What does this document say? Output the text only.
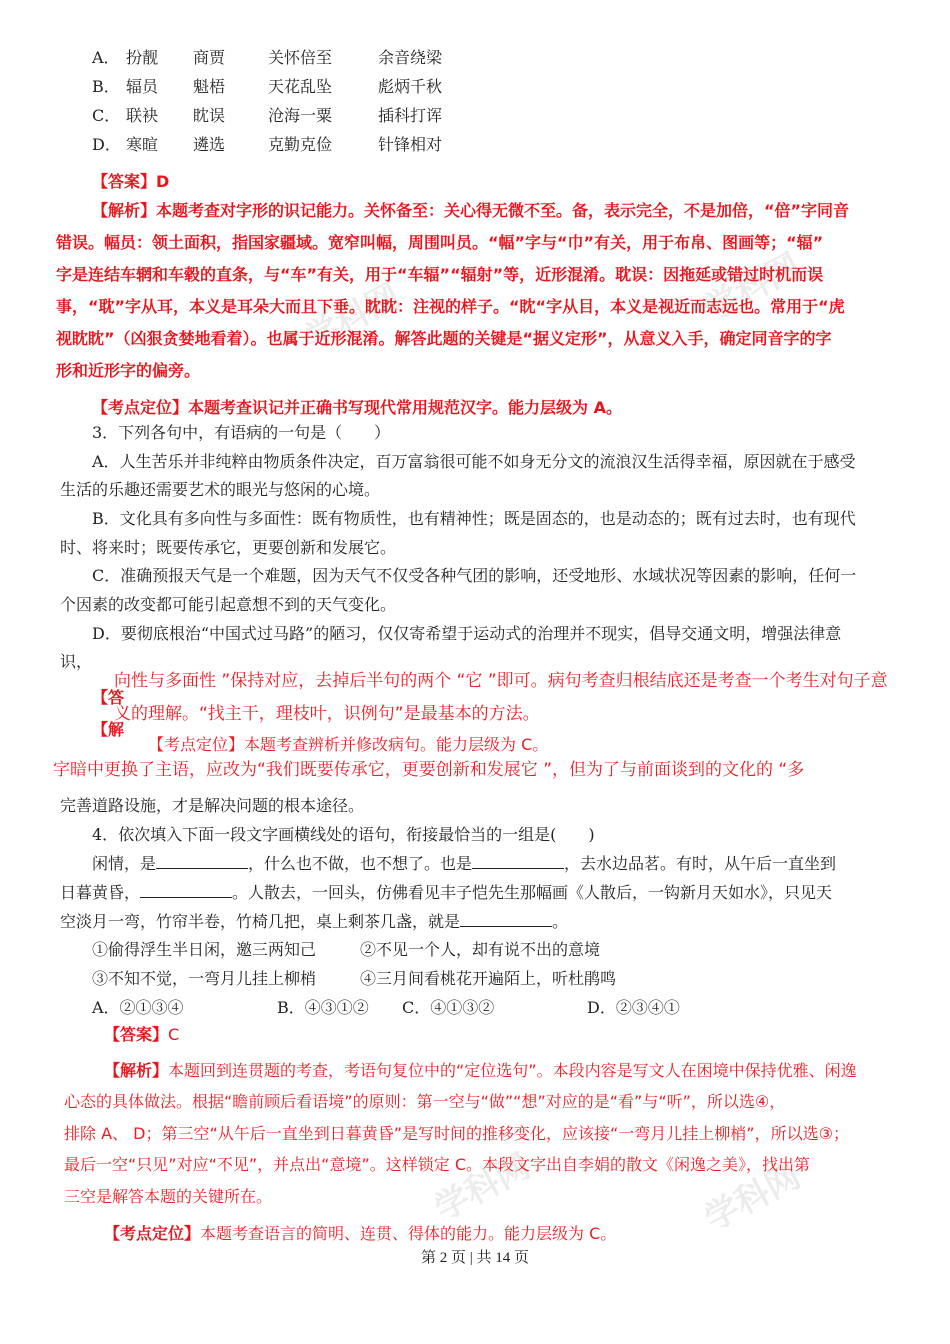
学科网	学科网
学科网	学科网
A． 扮靓 商贾	关怀倍至	余音绕梁
B． 辐员 魁梧	天花乱坠	彪炳千秋
C． 联袂 眈误	沧海一粟	插科打诨
D． 寒暄 遴选	克勤克俭	针锋相对
【答案】D
【解析】本题考查对字形的识记能力。关怀备至：关心得无微不至。备，表示完全，不是加倍，“倍”字同音
错误。幅员：领土面积，指国家疆域。宽窄叫幅，周围叫员。“幅”字与“巾”有关，用于布帛、图画等；“辐”
字是连结车辋和车毂的直条，与“车”有关，用于“车辐”“辐射”等，近形混淆。耽误：因拖延或错过时机而误
事，“耽”字从耳，本义是耳朵大而且下垂。眈眈：注视的样子。“眈“字从目，本义是视近而志远也。常用于“虎
视眈眈”（凶狠贪婪地看着）。也属于近形混淆。解答此题的关键是“据义定形”，从意义入手，确定同音字的字
形和近形字的偏旁。
【考点定位】本题考查识记并正确书写现代常用规范汉字。能力层级为 A。
3．下列各句中，有语病的一句是（　　）
A．人生苦乐并非纯粹由物质条件决定，百万富翁很可能不如身无分文的流浪汉生活得幸福，原因就在于感受
生活的乐趣还需要艺术的眼光与悠闲的心境。
B．文化具有多向性与多面性：既有物质性，也有精神性；既是固态的，也是动态的；既有过去时，也有现代
时、将来时；既要传承它，更要创新和发展它。
C．准确预报天气是一个难题，因为天气不仅受各种气团的影响，还受地形、水域状况等因素的影响，任何一
个因素的改变都可能引起意想不到的天气变化。
D．要彻底根治“中国式过马路”的陋习，仅仅寄希望于运动式的治理并不现实，倡导交通文明，增强法律意
识，
【答
【解
向性与多面性 ”保持对应，去掉后半句的两个 “它 ”即可。病句考查归根结底还是考查一个考生对句子意
义的理解。“找主干，理枝叶，识例句”是最基本的方法。
【考点定位】本题考查辨析并修改病句。能力层级为 C。
字暗中更换了主语，应改为“我们既要传承它，更要创新和发展它 ”，但为了与前面谈到的文化的 “多
完善道路设施，才是解决问题的根本途径。
4．依次填入下面一段文字画横线处的语句，衔接最恰当的一组是(　　)
闲情，是	，什么也不做，也不想了。也是	，去水边品茗。有时，从午后一直坐到
日暮黄昏，	。人散去，一回头，仿佛看见丰子恺先生那幅画《人散后，一钩新月天如水》，只见天
空淡月一弯，竹帘半卷，竹椅几把，桌上剩茶几盏，就是	。
①偷得浮生半日闲，邀三两知己	②不见一个人，却有说不出的意境
③不知不觉，一弯月儿挂上柳梢	④三月间看桃花开遍陌上，听杜鹃鸣
A．②①③④	B．④③①② C．④①③②	D．②③④①
【答案】C
【解析】本题回到连贯题的考查，考语句复位中的“定位选句”。本段内容是写文人在困境中保持优雅、闲逸
心态的具体做法。根据“瞻前顾后看语境”的原则：第一空与“做”“想”对应的是“看”与“听”，所以选④，
排除 A、 D；第三空“从午后一直坐到日暮黄昏”是写时间的推移变化，应该接“一弯月儿挂上柳梢”，所以选③；
最后一空“只见”对应“不见”，并点出“意境”。这样锁定 C。本段文字出自李娟的散文《闲逸之美》，找出第
三空是解答本题的关键所在。
【考点定位】本题考查语言的简明、连贯、得体的能力。能力层级为 C。
第 2 页 | 共 14 页
